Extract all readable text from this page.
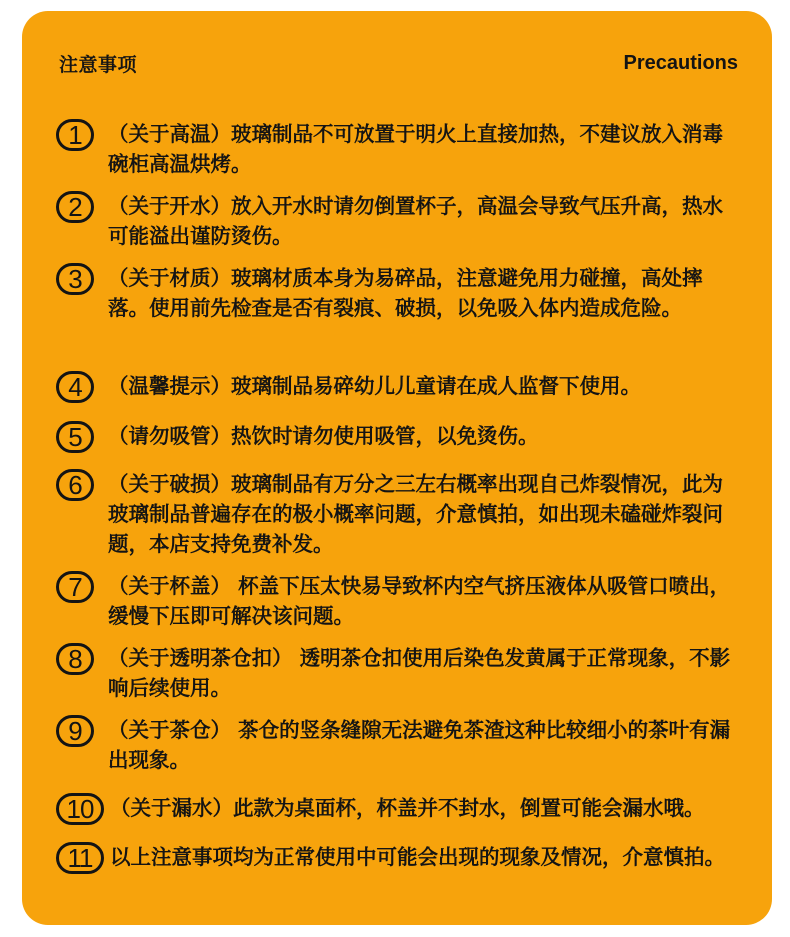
注意事项	Precautions
1	（关于高温）玻璃制品不可放置于明火上直接加热，不建议放入消毒碗柜高温烘烤。
2	（关于开水）放入开水时请勿倒置杯子，高温会导致气压升高，热水可能溢出谨防烫伤。
3	（关于材质）玻璃材质本身为易碎品，注意避免用力碰撞，高处摔落。使用前先检查是否有裂痕、破损，以免吸入体内造成危险。
4	（温馨提示）玻璃制品易碎幼儿儿童请在成人监督下使用。
5	（请勿吸管）热饮时请勿使用吸管，以免烫伤。
6	（关于破损）玻璃制品有万分之三左右概率出现自己炸裂情况，此为玻璃制品普遍存在的极小概率问题，介意慎拍，如出现未磕碰炸裂问题，本店支持免费补发。
7	（关于杯盖） 杯盖下压太快易导致杯内空气挤压液体从吸管口喷出，缓慢下压即可解决该问题。
8	（关于透明茶仓扣） 透明茶仓扣使用后染色发黄属于正常现象，不影响后续使用。
9	（关于茶仓） 茶仓的竖条缝隙无法避免茶渣这种比较细小的茶叶有漏出现象。
10 （关于漏水）此款为桌面杯，杯盖并不封水，倒置可能会漏水哦。
11 以上注意事项均为正常使用中可能会出现的现象及情况，介意慎拍。
